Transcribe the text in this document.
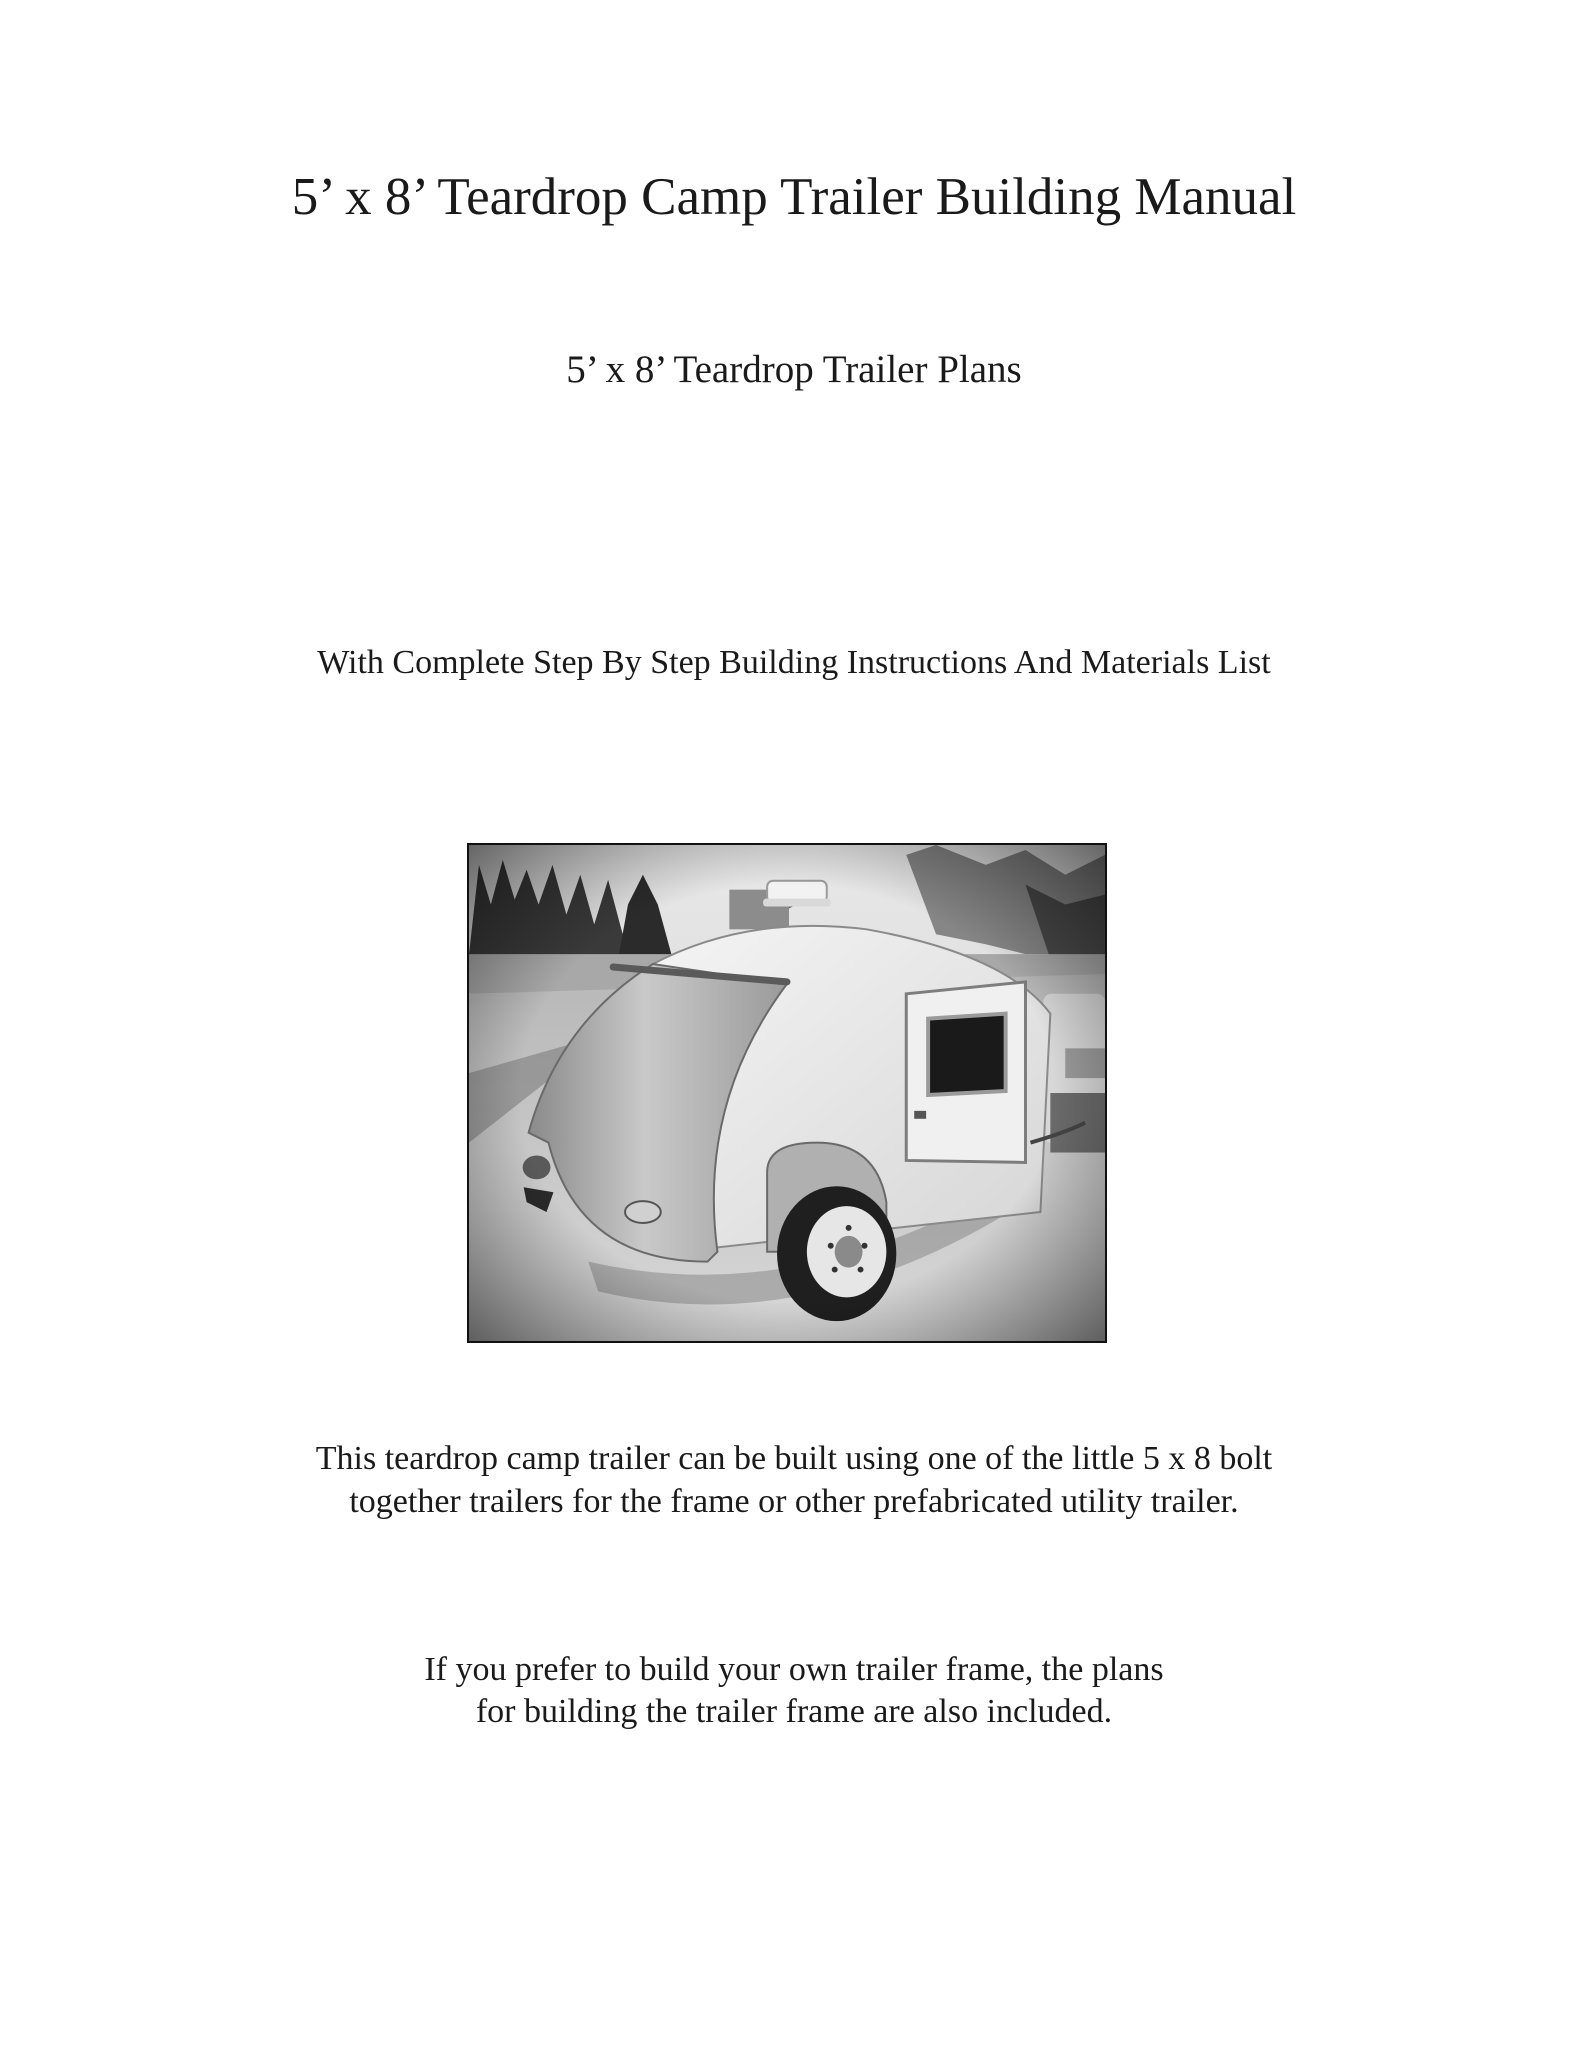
5’ x 8’ Teardrop Camp Trailer Building Manual
5’ x 8’ Teardrop Trailer Plans
With Complete Step By Step Building Instructions And Materials List
This teardrop camp trailer can be built using one of the little 5 x 8 bolt
together trailers for the frame or other prefabricated utility trailer.
If you prefer to build your own trailer frame, the plans
for building the trailer frame are also included.
